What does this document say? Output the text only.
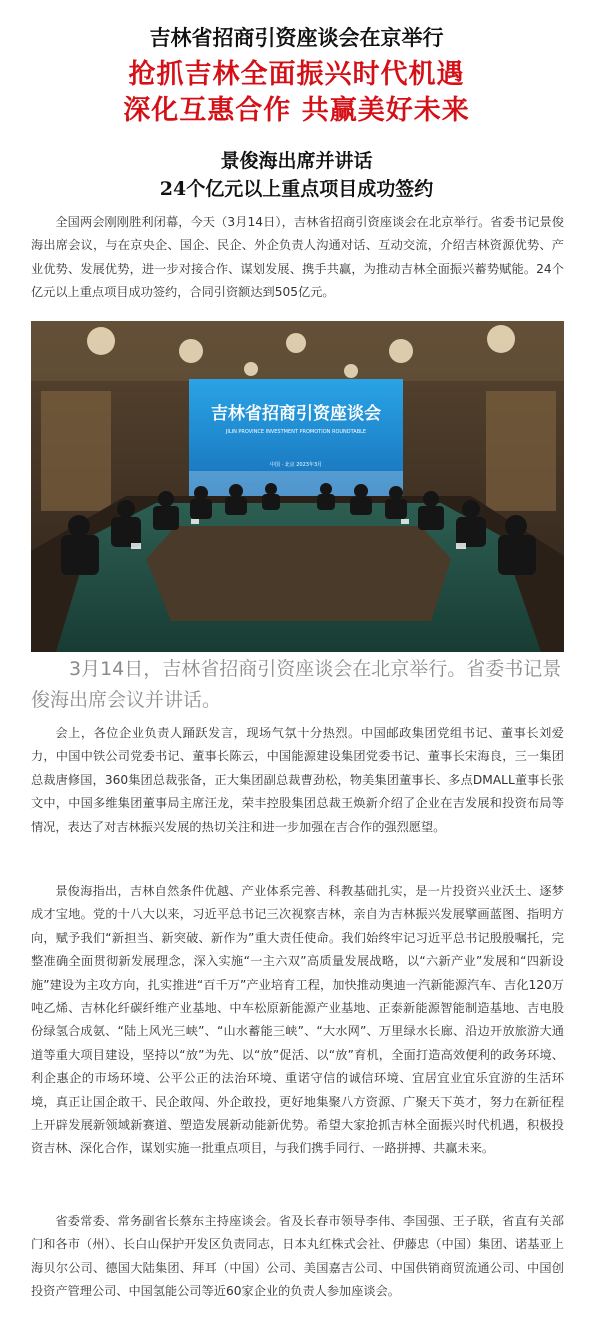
吉林省招商引资座谈会在京举行
抢抓吉林全面振兴时代机遇
深化互惠合作 共赢美好未来
景俊海出席并讲话
24个亿元以上重点项目成功签约

全国两会刚刚胜利闭幕，今天（3月14日），吉林省招商引资座谈会在北京举行。省委书记景俊海出席会议，与在京央企、国企、民企、外企负责人沟通对话、互动交流，介绍吉林资源优势、产业优势、发展优势，进一步对接合作、谋划发展、携手共赢，为推动吉林全面振兴蓄势赋能。24个亿元以上重点项目成功签约，合同引资额达到505亿元。

吉林省招商引资座谈会
JILIN PROVINCE INVESTMENT PROMOTION ROUNDTABLE
中国 · 北京 2023年3月

3月14日，吉林省招商引资座谈会在北京举行。省委书记景俊海出席会议并讲话。

会上，各位企业负责人踊跃发言，现场气氛十分热烈。中国邮政集团党组书记、董事长刘爱力，中国中铁公司党委书记、董事长陈云，中国能源建设集团党委书记、董事长宋海良，三一集团总裁唐修国，360集团总裁张备，正大集团副总裁曹劲松，物美集团董事长、多点DMALL董事长张文中，中国多维集团董事局主席汪龙，荣丰控股集团总裁王焕新介绍了企业在吉发展和投资布局等情况，表达了对吉林振兴发展的热切关注和进一步加强在吉合作的强烈愿望。

景俊海指出，吉林自然条件优越、产业体系完善、科教基础扎实，是一片投资兴业沃土、逐梦成才宝地。党的十八大以来，习近平总书记三次视察吉林，亲自为吉林振兴发展擘画蓝图、指明方向，赋予我们“新担当、新突破、新作为”重大责任使命。我们始终牢记习近平总书记殷殷嘱托，完整准确全面贯彻新发展理念，深入实施“一主六双”高质量发展战略，以“六新产业”发展和“四新设施”建设为主攻方向，扎实推进“百千万”产业培育工程，加快推动奥迪一汽新能源汽车、吉化120万吨乙烯、吉林化纤碳纤维产业基地、中车松原新能源产业基地、正泰新能源智能制造基地、吉电股份绿氢合成氨、“陆上风光三峡”、“山水蓄能三峡”、“大水网”、万里绿水长廊、沿边开放旅游大通道等重大项目建设，坚持以“放”为先、以“放”促活、以“放”育机，全面打造高效便利的政务环境、利企惠企的市场环境、公平公正的法治环境、重诺守信的诚信环境、宜居宜业宜乐宜游的生活环境，真正让国企敢干、民企敢闯、外企敢投，更好地集聚八方资源、广聚天下英才，努力在新征程上开辟发展新领域新赛道、塑造发展新动能新优势。希望大家抢抓吉林全面振兴时代机遇，积极投资吉林、深化合作，谋划实施一批重点项目，与我们携手同行、一路拼搏、共赢未来。

省委常委、常务副省长蔡东主持座谈会。省及长春市领导李伟、李国强、王子联，省直有关部门和各市（州）、长白山保护开发区负责同志，日本丸红株式会社、伊藤忠（中国）集团、诺基亚上海贝尔公司、德国大陆集团、拜耳（中国）公司、美国嘉吉公司、中国供销商贸流通公司、中国创投资产管理公司、中国氢能公司等近60家企业的负责人参加座谈会。
